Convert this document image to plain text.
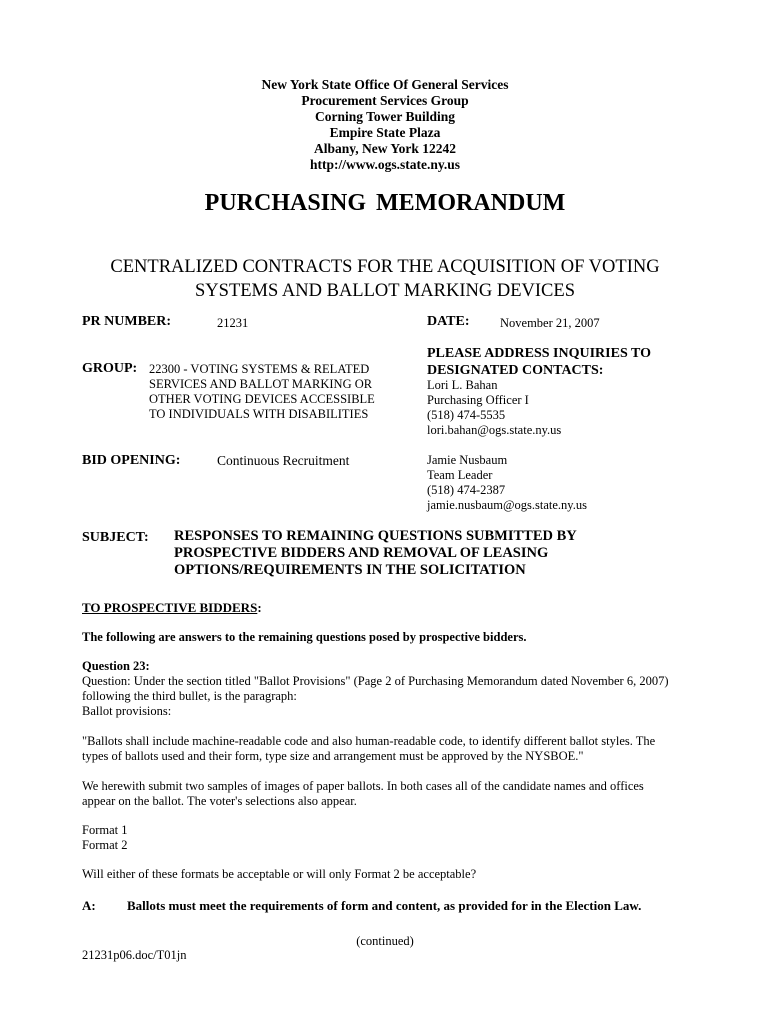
New York State Office Of General Services
Procurement Services Group
Corning Tower Building
Empire State Plaza
Albany, New York 12242
http://www.ogs.state.ny.us
PURCHASING MEMORANDUM
CENTRALIZED CONTRACTS FOR THE ACQUISITION OF VOTING
SYSTEMS AND BALLOT MARKING DEVICES
PR NUMBER:	21231	DATE: November 21, 2007
GROUP: 22300 - VOTING SYSTEMS & RELATED
SERVICES AND BALLOT MARKING OR
OTHER VOTING DEVICES ACCESSIBLE
TO INDIVIDUALS WITH DISABILITIES
PLEASE ADDRESS INQUIRIES TO
DESIGNATED CONTACTS:
Lori L. Bahan
Purchasing Officer I
(518) 474-5535
lori.bahan@ogs.state.ny.us
BID OPENING:	Continuous Recruitment	Jamie Nusbaum
Team Leader
(518) 474-2387
jamie.nusbaum@ogs.state.ny.us
SUBJECT: RESPONSES TO REMAINING QUESTIONS SUBMITTED BY
PROSPECTIVE BIDDERS AND REMOVAL OF LEASING
OPTIONS/REQUIREMENTS IN THE SOLICITATION
TO PROSPECTIVE BIDDERS:
The following are answers to the remaining questions posed by prospective bidders.
Question 23:
Question: Under the section titled "Ballot Provisions" (Page 2 of Purchasing Memorandum dated November 6, 2007)
following the third bullet, is the paragraph:
Ballot provisions:
"Ballots shall include machine-readable code and also human-readable code, to identify different ballot styles. The
types of ballots used and their form, type size and arrangement must be approved by the NYSBOE."
We herewith submit two samples of images of paper ballots. In both cases all of the candidate names and offices
appear on the ballot. The voter's selections also appear.
Format 1
Format 2
Will either of these formats be acceptable or will only Format 2 be acceptable?
A: Ballots must meet the requirements of form and content, as provided for in the Election Law.
(continued)
21231p06.doc/T01jn
